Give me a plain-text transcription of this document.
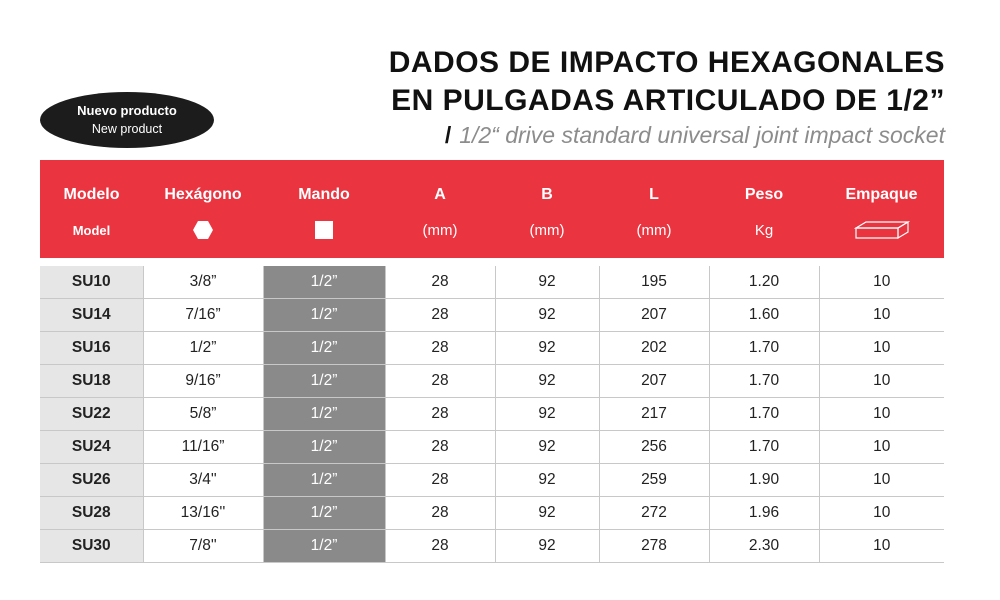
Nuevo producto
New product
DADOS DE IMPACTO HEXAGONALES
EN PULGADAS ARTICULADO DE 1/2”
/ 1/2“ drive standard universal joint impact socket
Modelo	Hexágono	Mando	A	B	L	Peso	Empaque
Model			(mm)	(mm)	(mm)	Kg	
SU10	3/8”	1/2”	28	92	195	1.20	10
SU14	7/16”	1/2”	28	92	207	1.60	10
SU16	1/2”	1/2”	28	92	202	1.70	10
SU18	9/16”	1/2”	28	92	207	1.70	10
SU22	5/8”	1/2”	28	92	217	1.70	10
SU24	11/16”	1/2”	28	92	256	1.70	10
SU26	3/4''	1/2”	28	92	259	1.90	10
SU28	13/16''	1/2”	28	92	272	1.96	10
SU30	7/8''	1/2”	28	92	278	2.30	10
